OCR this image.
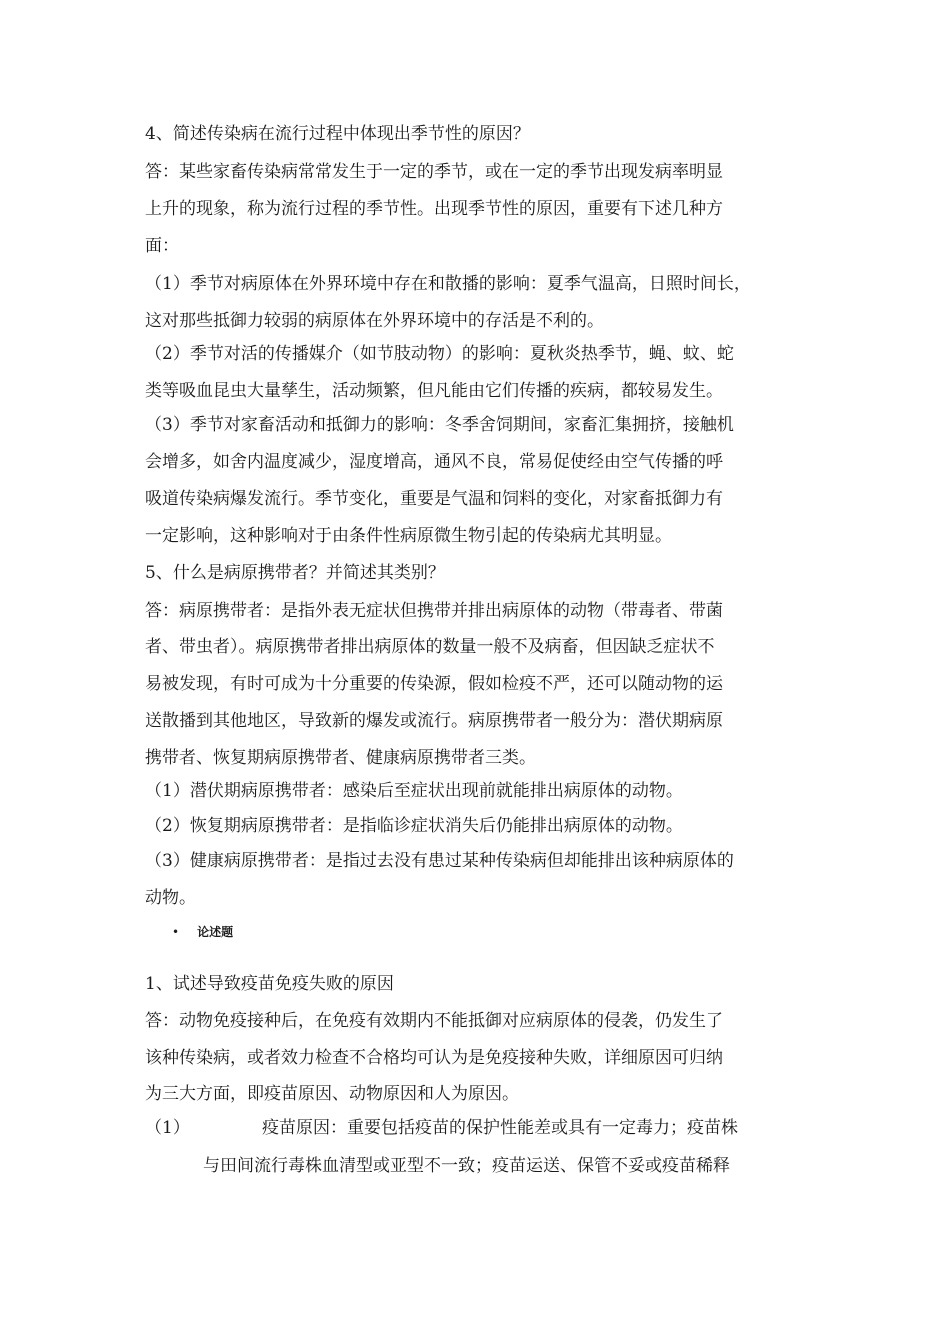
4、简述传染病在流行过程中体现出季节性的原因？
答：某些家畜传染病常常发生于一定的季节，或在一定的季节出现发病率明显
上升的现象，称为流行过程的季节性。出现季节性的原因，重要有下述几种方
面：
（1）季节对病原体在外界环境中存在和散播的影响：夏季气温高，日照时间长，
这对那些抵御力较弱的病原体在外界环境中的存活是不利的。
（2）季节对活的传播媒介（如节肢动物）的影响：夏秋炎热季节，蝇、蚊、蛇
类等吸血昆虫大量孳生，活动频繁，但凡能由它们传播的疾病，都较易发生。
（3）季节对家畜活动和抵御力的影响：冬季舍饲期间，家畜汇集拥挤，接触机
会增多，如舍内温度减少，湿度增高，通风不良，常易促使经由空气传播的呼
吸道传染病爆发流行。季节变化，重要是气温和饲料的变化，对家畜抵御力有
一定影响，这种影响对于由条件性病原微生物引起的传染病尤其明显。
5、什么是病原携带者？并简述其类别？
答：病原携带者：是指外表无症状但携带并排出病原体的动物（带毒者、带菌
者、带虫者）。病原携带者排出病原体的数量一般不及病畜，但因缺乏症状不
易被发现，有时可成为十分重要的传染源，假如检疫不严，还可以随动物的运
送散播到其他地区，导致新的爆发或流行。病原携带者一般分为：潜伏期病原
携带者、恢复期病原携带者、健康病原携带者三类。
（1）潜伏期病原携带者：感染后至症状出现前就能排出病原体的动物。
（2）恢复期病原携带者：是指临诊症状消失后仍能排出病原体的动物。
（3）健康病原携带者：是指过去没有患过某种传染病但却能排出该种病原体的
动物。
• 论述题
1、试述导致疫苗免疫失败的原因
答：动物免疫接种后，在免疫有效期内不能抵御对应病原体的侵袭，仍发生了
该种传染病，或者效力检查不合格均可认为是免疫接种失败，详细原因可归纳
为三大方面，即疫苗原因、动物原因和人为原因。
（1）	疫苗原因：重要包括疫苗的保护性能差或具有一定毒力；疫苗株
与田间流行毒株血清型或亚型不一致；疫苗运送、保管不妥或疫苗稀释
